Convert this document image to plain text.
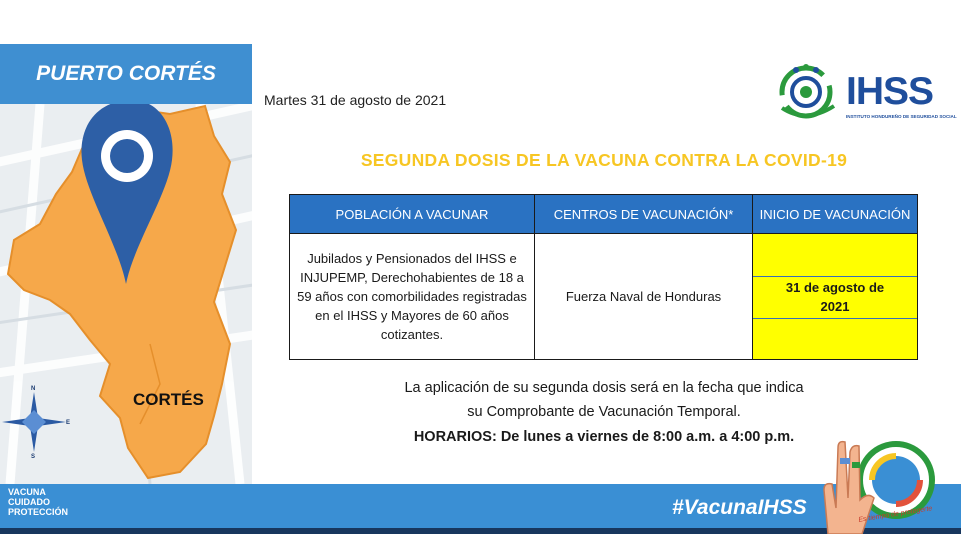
PUERTO CORTÉS
N
E
S
CORTÉS
Martes 31 de agosto de 2021	IHSS
INSTITUTO HONDUREÑO DE SEGURIDAD SOCIAL
SEGUNDA DOSIS DE LA VACUNA CONTRA LA COVID-19
POBLACIÓN A VACUNAR	CENTROS DE VACUNACIÓN*	INICIO DE VACUNACIÓN
Jubilados y Pensionados del IHSS e INJUPEMP, Derechohabientes de 18 a 59 años con comorbilidades registradas en el IHSS y Mayores de 60 años cotizantes.	Fuerza Naval de Honduras	31 de agosto de 2021
La aplicación de su segunda dosis será en la fecha que indica
su Comprobante de Vacunación Temporal.
HORARIOS: De lunes a viernes de 8:00 a.m. a 4:00 p.m.
VACUNA
CUIDADO
PROTECCIÓN	#VacunaIHSS	Es tiempo de protegerte
